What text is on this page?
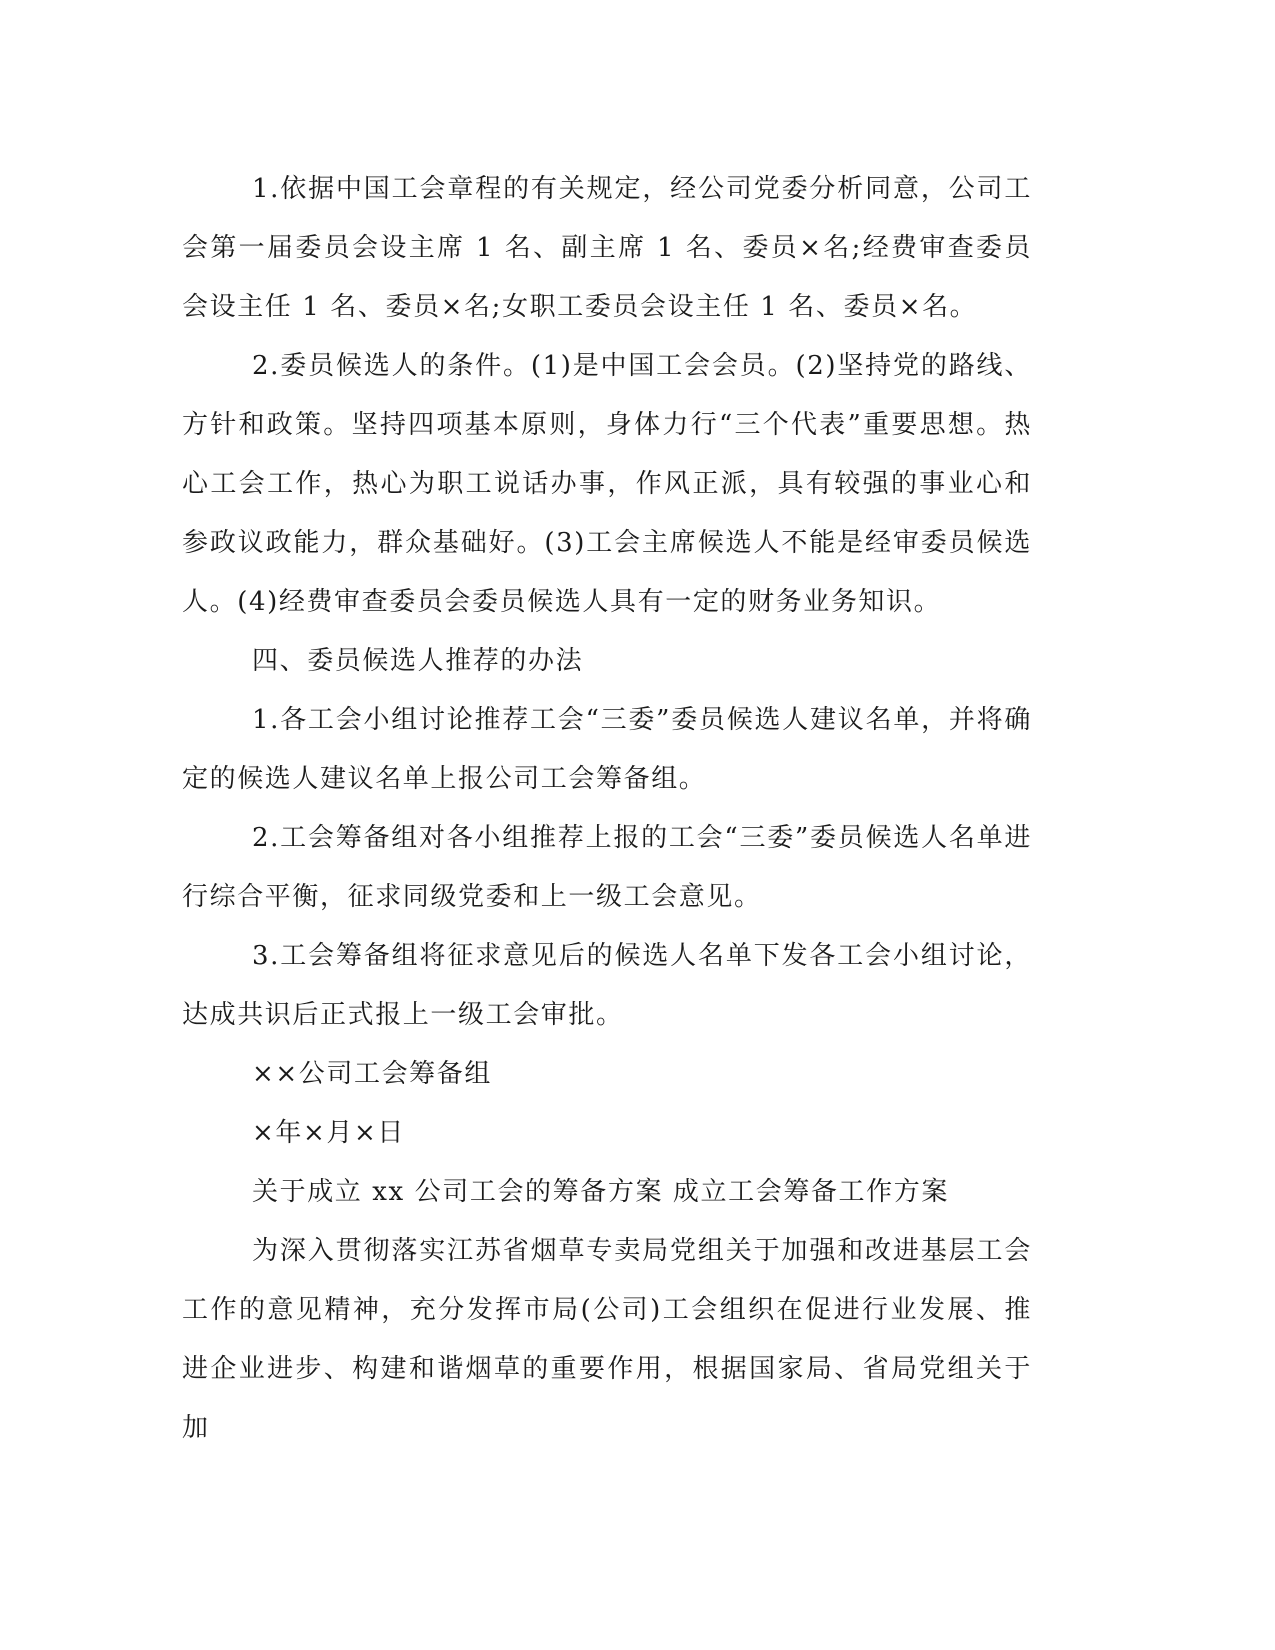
1.依据中国工会章程的有关规定，经公司党委分析同意，公司工会第一届委员会设主席 1 名、副主席 1 名、委员×名;经费审查委员会设主任 1 名、委员×名;女职工委员会设主任 1 名、委员×名。

2.委员候选人的条件。(1)是中国工会会员。(2)坚持党的路线、方针和政策。坚持四项基本原则，身体力行“三个代表”重要思想。热心工会工作，热心为职工说话办事，作风正派，具有较强的事业心和参政议政能力，群众基础好。(3)工会主席候选人不能是经审委员候选人。(4)经费审查委员会委员候选人具有一定的财务业务知识。

四、委员候选人推荐的办法

1.各工会小组讨论推荐工会“三委”委员候选人建议名单，并将确定的候选人建议名单上报公司工会筹备组。

2.工会筹备组对各小组推荐上报的工会“三委”委员候选人名单进行综合平衡，征求同级党委和上一级工会意见。

3.工会筹备组将征求意见后的候选人名单下发各工会小组讨论，达成共识后正式报上一级工会审批。

××公司工会筹备组

×年×月×日

关于成立 xx 公司工会的筹备方案 成立工会筹备工作方案

为深入贯彻落实江苏省烟草专卖局党组关于加强和改进基层工会工作的意见精神，充分发挥市局(公司)工会组织在促进行业发展、推进企业进步、构建和谐烟草的重要作用，根据国家局、省局党组关于加
